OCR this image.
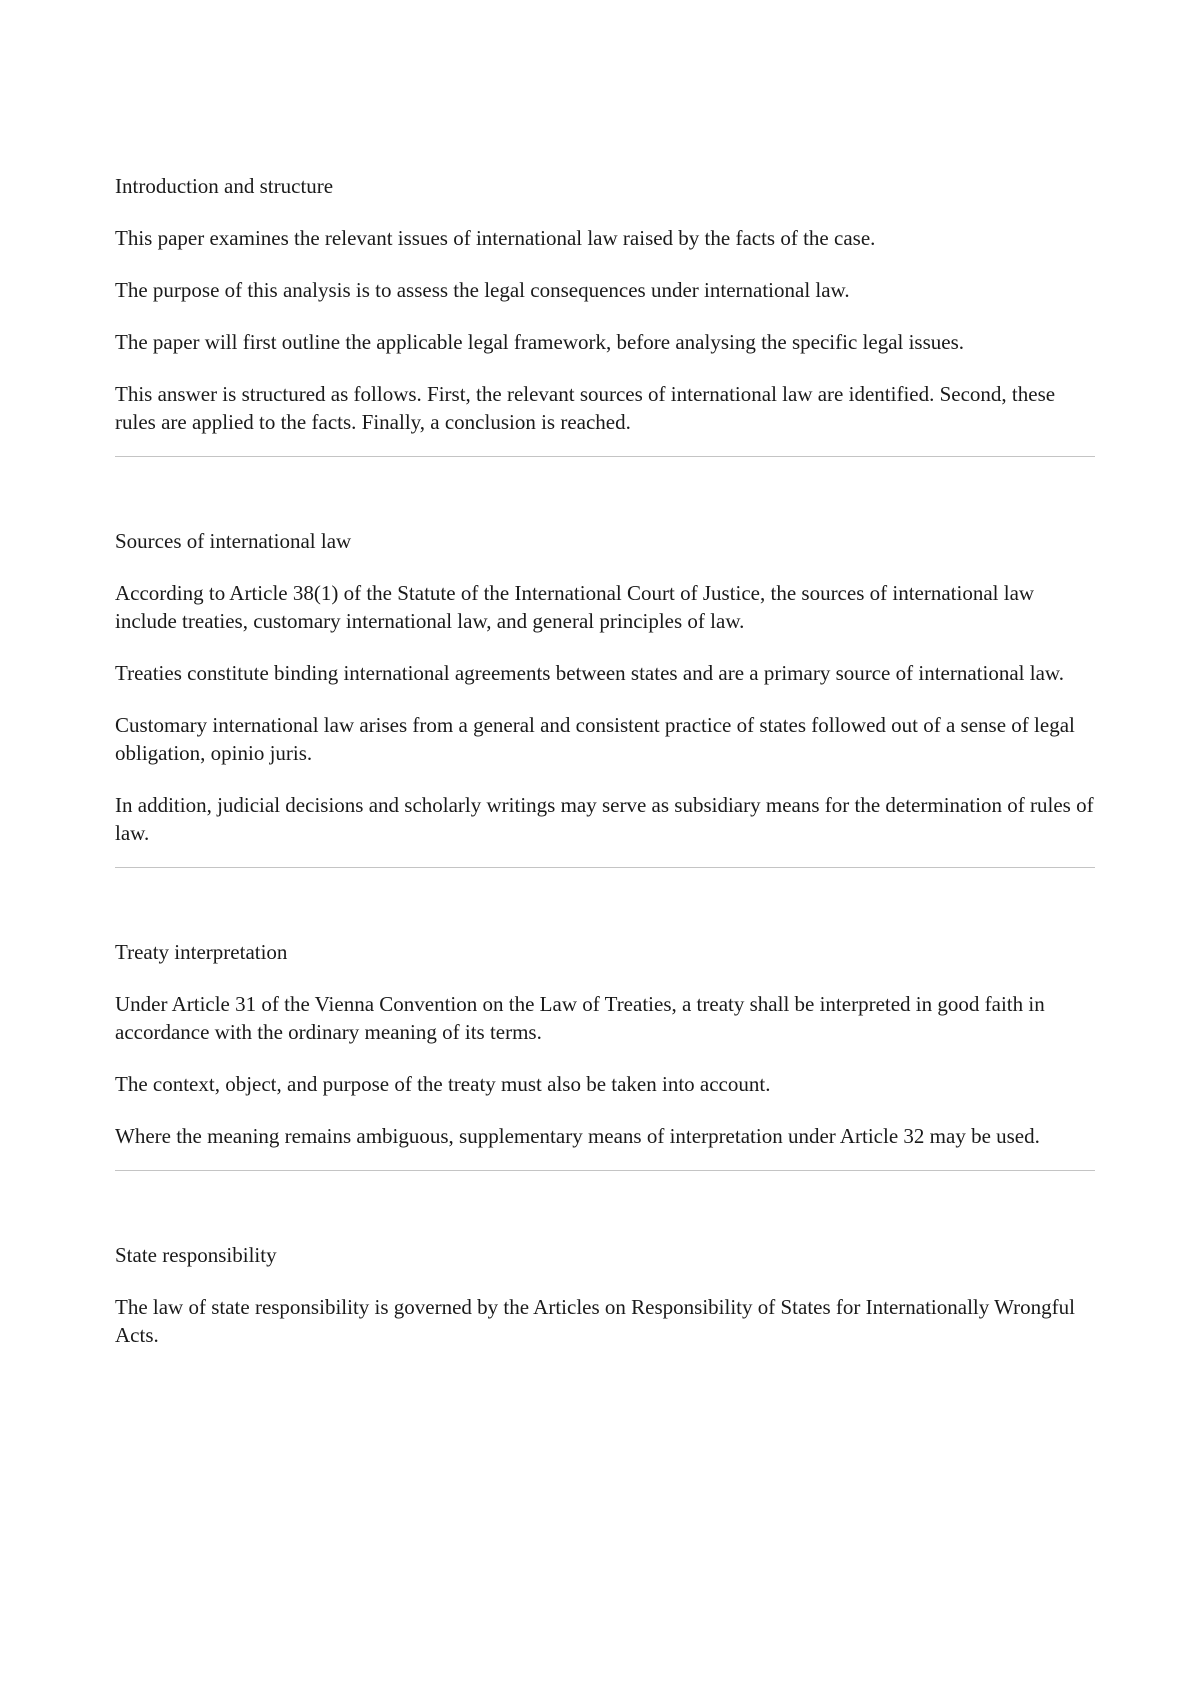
Introduction and structure

This paper examines the relevant issues of international law raised by the facts of the case.

The purpose of this analysis is to assess the legal consequences under international law.

The paper will first outline the applicable legal framework, before analysing the specific legal issues.

This answer is structured as follows. First, the relevant sources of international law are identified. Second, these rules are applied to the facts. Finally, a conclusion is reached.

Sources of international law

According to Article 38(1) of the Statute of the International Court of Justice, the sources of international law include treaties, customary international law, and general principles of law.

Treaties constitute binding international agreements between states and are a primary source of international law.

Customary international law arises from a general and consistent practice of states followed out of a sense of legal obligation, opinio juris.

In addition, judicial decisions and scholarly writings may serve as subsidiary means for the determination of rules of law.

Treaty interpretation

Under Article 31 of the Vienna Convention on the Law of Treaties, a treaty shall be interpreted in good faith in accordance with the ordinary meaning of its terms.

The context, object, and purpose of the treaty must also be taken into account.

Where the meaning remains ambiguous, supplementary means of interpretation under Article 32 may be used.

State responsibility

The law of state responsibility is governed by the Articles on Responsibility of States for Internationally Wrongful Acts.
